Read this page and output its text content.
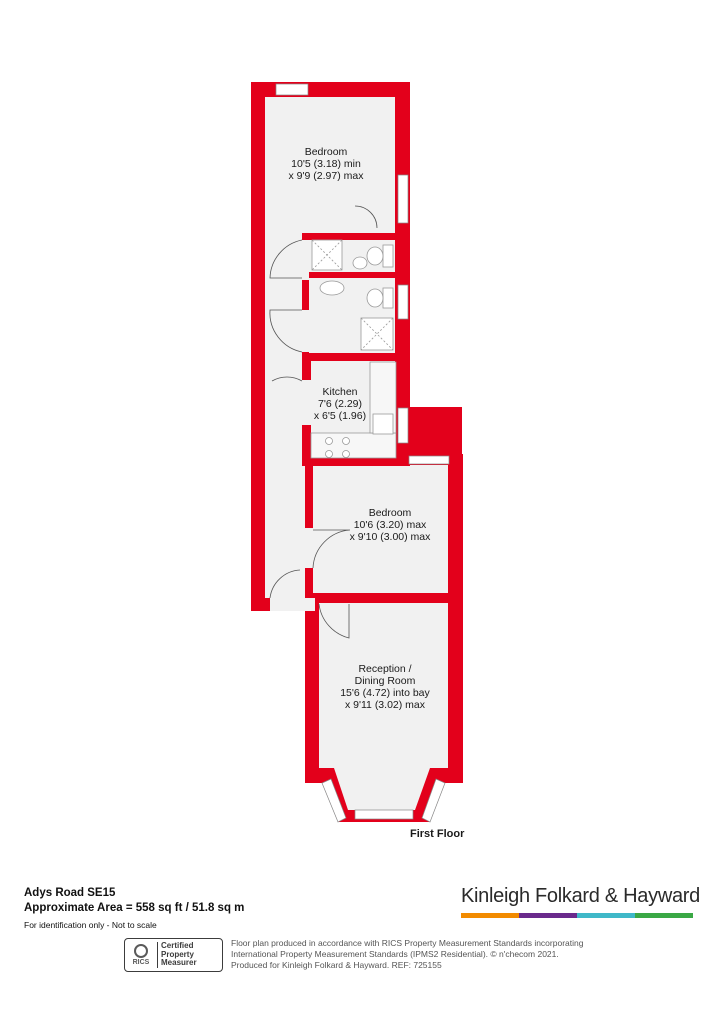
Bedroom
10'5 (3.18) min
x 9'9 (2.97) max
Kitchen
7'6 (2.29)
x 6'5 (1.96)
Bedroom
10'6 (3.20) max
x 9'10 (3.00) max
Reception /
Dining Room
15'6 (4.72) into bay
x 9'11 (3.02) max
First Floor
Adys Road SE15
Approximate Area = 558 sq ft / 51.8 sq m
For identification only - Not to scale
Kinleigh Folkard & Hayward
RICS
Certified
Property
Measurer
Floor plan produced in accordance with RICS Property Measurement Standards incorporating
International Property Measurement Standards (IPMS2 Residential). © n'checom 2021.
Produced for Kinleigh Folkard & Hayward. REF: 725155
